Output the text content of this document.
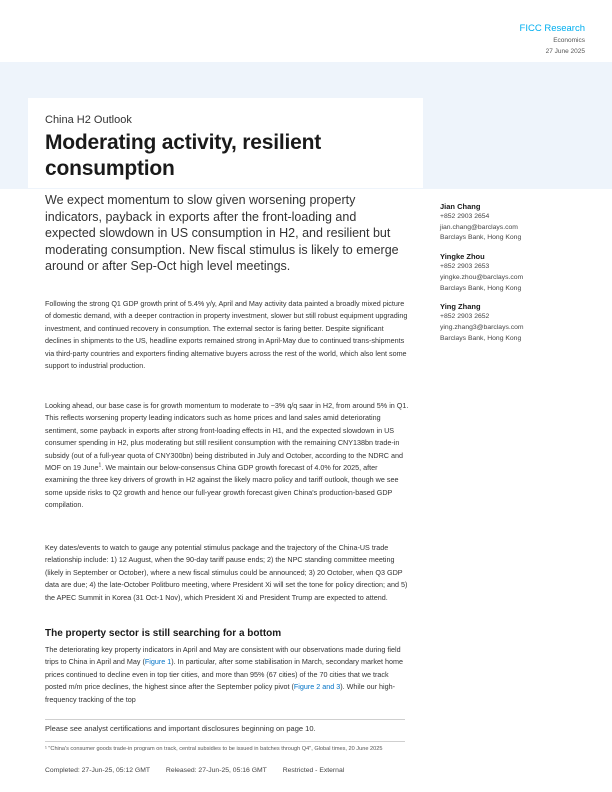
FICC Research
Economics
27 June 2025
China H2 Outlook
Moderating activity, resilient consumption

We expect momentum to slow given worsening property indicators, payback in exports after the front-loading and expected slowdown in US consumption in H2, and resilient but moderating consumption. New fiscal stimulus is likely to emerge around or after Sep-Oct high level meetings.

Following the strong Q1 GDP growth print of 5.4% y/y, April and May activity data painted a broadly mixed picture of domestic demand, with a deeper contraction in property investment, slower but still robust equipment upgrading investment, and continued recovery in consumption. The external sector is faring better. Despite significant declines in shipments to the US, headline exports remained strong in April-May due to continued trans-shipments via third-party countries and exporters finding alternative buyers across the rest of the world, which also lent some support to industrial production.

Looking ahead, our base case is for growth momentum to moderate to ~3% q/q saar in H2, from around 5% in Q1. This reflects worsening property leading indicators such as home prices and land sales amid deteriorating sentiment, some payback in exports after strong front-loading effects in H1, and the expected slowdown in US consumer spending in H2, plus moderating but still resilient consumption with the remaining CNY138bn trade-in subsidy (out of a full-year quota of CNY300bn) being distributed in July and October, according to the NDRC and MOF on 19 June$^1$. We maintain our below-consensus China GDP growth forecast of 4.0% for 2025, after examining the three key drivers of growth in H2 against the likely macro policy and tariff outlook, though we see some upside risks to Q2 growth and hence our full-year growth forecast given China's production-based GDP compilation.

Key dates/events to watch to gauge any potential stimulus package and the trajectory of the China-US trade relationship include: 1) 12 August, when the 90-day tariff pause ends; 2) the NPC standing committee meeting (likely in September or October), where a new fiscal stimulus could be announced; 3) 20 October, when Q3 GDP data are due; 4) the late-October Politburo meeting, where President Xi will set the tone for policy direction; and 5) the APEC Summit in Korea (31 Oct-1 Nov), which President Xi and President Trump are expected to attend.

The property sector is still searching for a bottom

The deteriorating key property indicators in April and May are consistent with our observations made during field trips to China in April and May (Figure 1). In particular, after some stabilisation in March, secondary market home prices continued to decline even in top tier cities, and more than 95% (67 cities) of the 70 cities that we track posted m/m price declines, the highest since after the September policy pivot (Figure 2 and 3). While our high-frequency tracking of the top

Jian Chang
+852 2903 2654
jian.chang@barclays.com
Barclays Bank, Hong Kong
Yingke Zhou
+852 2903 2653
yingke.zhou@barclays.com
Barclays Bank, Hong Kong
Ying Zhang
+852 2903 2652
ying.zhang3@barclays.com
Barclays Bank, Hong Kong
Please see analyst certifications and important disclosures beginning on page 10.
¹ "China's consumer goods trade-in program on track, central subsidies to be issued in batches through Q4", Global times, 20 June 2025
Completed: 27-Jun-25, 05:12 GMT Released: 27-Jun-25, 05:16 GMT Restricted - External
